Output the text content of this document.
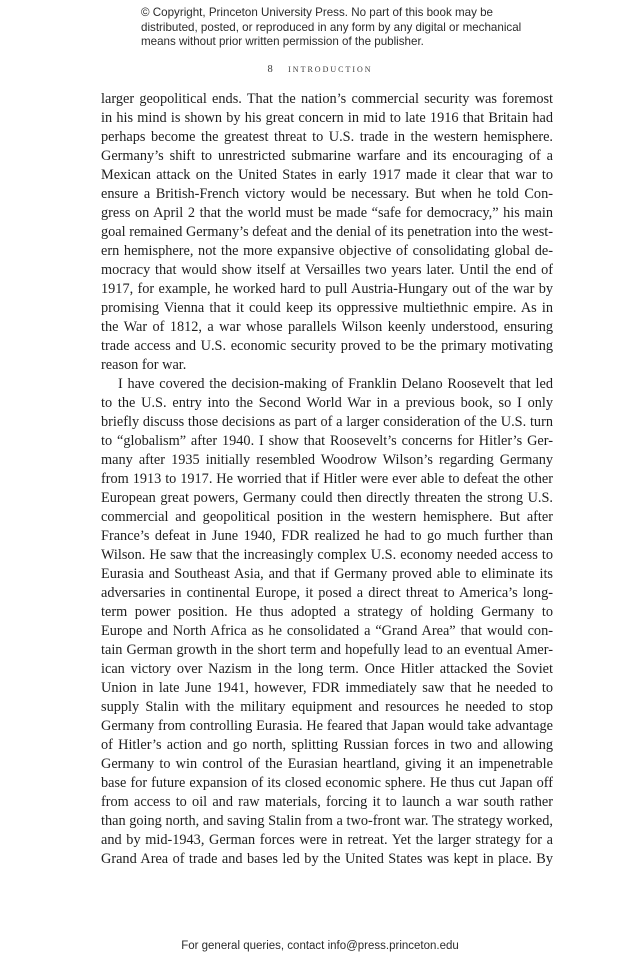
© Copyright, Princeton University Press. No part of this book may be
distributed, posted, or reproduced in any form by any digital or mechanical
means without prior written permission of the publisher.
8 introduction
larger geopolitical ends. That the nation’s commercial security was foremost
in his mind is shown by his great concern in mid to late 1916 that Britain had
perhaps become the greatest threat to U.S. trade in the western hemisphere.
Germany’s shift to unrestricted submarine warfare and its encouraging of a
Mexican attack on the United States in early 1917 made it clear that war to
ensure a British-French victory would be necessary. But when he told Con-
gress on April 2 that the world must be made “safe for democracy,” his main
goal remained Germany’s defeat and the denial of its penetration into the west-
ern hemisphere, not the more expansive objective of consolidating global de-
mocracy that would show itself at Versailles two years later. Until the end of
1917, for example, he worked hard to pull Austria-Hungary out of the war by
promising Vienna that it could keep its oppressive multiethnic empire. As in
the War of 1812, a war whose parallels Wilson keenly understood, ensuring
trade access and U.S. economic security proved to be the primary motivating
reason for war.
I have covered the decision-making of Franklin Delano Roosevelt that led
to the U.S. entry into the Second World War in a previous book, so I only
briefly discuss those decisions as part of a larger consideration of the U.S. turn
to “globalism” after 1940. I show that Roosevelt’s concerns for Hitler’s Ger-
many after 1935 initially resembled Woodrow Wilson’s regarding Germany
from 1913 to 1917. He worried that if Hitler were ever able to defeat the other
European great powers, Germany could then directly threaten the strong U.S.
commercial and geopolitical position in the western hemisphere. But after
France’s defeat in June 1940, FDR realized he had to go much further than
Wilson. He saw that the increasingly complex U.S. economy needed access to
Eurasia and Southeast Asia, and that if Germany proved able to eliminate its
adversaries in continental Europe, it posed a direct threat to America’s long-
term power position. He thus adopted a strategy of holding Germany to
Europe and North Africa as he consolidated a “Grand Area” that would con-
tain German growth in the short term and hopefully lead to an eventual Amer-
ican victory over Nazism in the long term. Once Hitler attacked the Soviet
Union in late June 1941, however, FDR immediately saw that he needed to
supply Stalin with the military equipment and resources he needed to stop
Germany from controlling Eurasia. He feared that Japan would take advantage
of Hitler’s action and go north, splitting Russian forces in two and allowing
Germany to win control of the Eurasian heartland, giving it an impenetrable
base for future expansion of its closed economic sphere. He thus cut Japan off
from access to oil and raw materials, forcing it to launch a war south rather
than going north, and saving Stalin from a two-front war. The strategy worked,
and by mid-1943, German forces were in retreat. Yet the larger strategy for a
Grand Area of trade and bases led by the United States was kept in place. By
For general queries, contact info@press.princeton.edu
